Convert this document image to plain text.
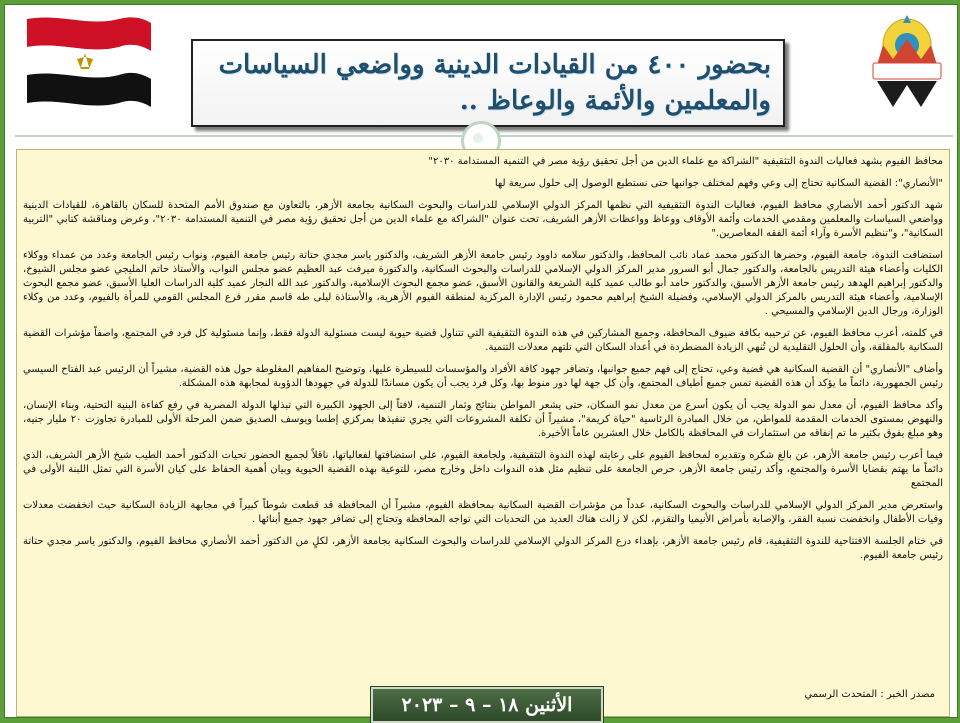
بحضور ٤٠٠ من القيادات الدينية وواضعي السياسات

والمعلمين والأئمة والوعاظ ..

محافظ الفيوم يشهد فعاليات الندوة التثقيفية "الشراكة مع علماء الدين من أجل تحقيق رؤية مصر في التنمية المستدامة ٢٠٣٠"

"الأنصاري": القضية السكانية تحتاج إلى وعي وفهم لمختلف جوانبها حتى نستطيع الوصول إلى حلول سريعة لها

شهد الدكتور أحمد الأنصاري محافظ الفيوم، فعاليات الندوة التثقيفية التي نظمها المركز الدولي الإسلامي للدراسات والبحوث السكانية بجامعة الأزهر، بالتعاون مع صندوق الأمم المتحدة للسكان بالقاهرة، للقيادات الدينية وواضعي السياسات والمعلمين ومقدمي الخدمات وأئمة الأوقاف ووعاظ وواعظات الأزهر الشريف، تحت عنوان "الشراكة مع علماء الدين من أجل تحقيق رؤية مصر في التنمية المستدامة ٢٠٣٠"، وعرض ومناقشة كتابي "التربية السكانية"، و"تنظيم الأسرة وآراء أئمة الفقه المعاصرين."

استضافت الندوة، جامعة الفيوم، وحضرها الدكتور محمد عماد نائب المحافظ، والدكتور سلامه داوود رئيس جامعة الأزهر الشريف، والدكتور ياسر مجدي حتاتة رئيس جامعة الفيوم، ونواب رئيس الجامعة وعدد من عمداء ووكلاء الكليات وأعضاء هيئة التدريس بالجامعة، والدكتور جمال أبو السرور مدير المركز الدولي الإسلامي للدراسات والبحوث السكانية، والدكتورة ميرفت عبد العظيم عضو مجلس النواب، والأستاذ حاتم المليجي عضو مجلس الشيوخ، والدكتور إبراهيم الهدهد رئيس جامعة الأزهر الأسبق، والدكتور حامد أبو طالب عميد كلية الشريعة والقانون الأسبق، عضو مجمع البحوث الإسلامية، والدكتور عبد الله النجار عميد كلية الدراسات العليا الأسبق، عضو مجمع البحوث الإسلامية، وأعضاء هيئة التدريس بالمركز الدولي الإسلامي، وفضيلة الشيخ إبراهيم محمود رئيس الإدارة المركزية لمنطقة الفيوم الأزهرية، والأستاذة ليلى طه قاسم مقرر فرع المجلس القومي للمرأة بالفيوم، وعدد من وكلاء الوزارة، ورجال الدين الإسلامي والمسيحي .

في كلمته، أعرب محافظ الفيوم، عن ترحيبه بكافة ضيوف المحافظة، وجميع المشاركين في هذه الندوة التثقيفية التي تتناول قضية حيوية ليست مسئولية الدولة فقط، وإنما مسئولية كل فرد في المجتمع، واصفاً مؤشرات القضية السكانية بالمقلقة، وأن الحلول التقليدية لن تُنهي الزيادة المضطردة في أعداد السكان التي تلتهم معدلات التنمية.

وأضاف "الأنصاري" أن القضية السكانية هي قضية وعي، تحتاج إلى فهم جميع جوانبها، وتضافر جهود كافة الأفراد والمؤسسات للسيطرة عليها، وتوضيح المفاهيم المغلوطة حول هذه القضية، مشيراً أن الرئيس عبد الفتاح السيسي رئيس الجمهورية، دائماً ما يؤكد أن هذه القضية تمس جميع أطياف المجتمع، وأن كل جهة لها دور منوط بها، وكل فرد يجب أن يكون مساندًا للدولة في جهودها الدؤوبة لمجابهة هذه المشكلة.

وأكد محافظ الفيوم، أن معدل نمو الدولة يجب أن يكون أسرع من معدل نمو السكان، حتى يشعر المواطن بنتائج وثمار التنمية، لافتاً إلى الجهود الكبيرة التي تبذلها الدولة المصرية في رفع كفاءة البنية التحتية، وبناء الإنسان، والنهوض بمستوى الخدمات المقدمة للمواطن، من خلال المبادرة الرئاسية "حياة كريمة"، مشيراً أن تكلفة المشروعات التي يجري تنفيذها بمركزي إطسا ويوسف الصديق ضمن المرحلة الأولى للمبادرة تجاوزت ٢٠ مليار جنيه، وهو مبلغ يفوق بكثير ما تم إنفاقه من استثمارات في المحافظة بالكامل خلال العشرين عاماً الأخيرة.

فيما أعرب رئيس جامعة الأزهر، عن بالغ شكره وتقديره لمحافظ الفيوم على رعايته لهذه الندوة التثقيفية، ولجامعة الفيوم، على استضافتها لفعالياتها، ناقلاً لجميع الحضور تحيات الدكتور أحمد الطيب شيخ الأزهر الشريف، الذي دائماً ما يهتم بقضايا الأسرة والمجتمع، وأكد رئيس جامعة الأزهر، حرص الجامعة على تنظيم مثل هذه الندوات داخل وخارج مصر، للتوعية بهذه القضية الحيوية وبيان أهمية الحفاظ على كيان الأسرة التي تمثل اللبنة الأولى في المجتمع

واستعرض مدير المركز الدولي الإسلامي للدراسات والبحوث السكانية، عدداً من مؤشرات القضية السكانية بمحافظة الفيوم، مشيراً أن المحافظة قد قطعت شوطاً كبيراً في مجابهة الزيادة السكانية حيث انخفضت معدلات وفيات الأطفال وانخفضت نسبة الفقر، والإصابة بأمراض الأنيميا والتقزم، لكن لا زالت هناك العديد من التحديات التي تواجه المحافظة وتحتاج إلى تضافر جهود جميع أبنائها .

في ختام الجلسة الافتتاحية للندوة التثقيفية، قام رئيس جامعة الأزهر، بإهداء درع المركز الدولي الإسلامي للدراسات والبحوث السكانية بجامعة الأزهر، لكلٍ من الدكتور أحمد الأنصاري محافظ الفيوم، والدكتور ياسر مجدي حتاتة رئيس جامعة الفيوم.

الأثنين ١٨ – ٩ – ٢٠٢٣	مصدر الخبر : المتحدث الرسمي
